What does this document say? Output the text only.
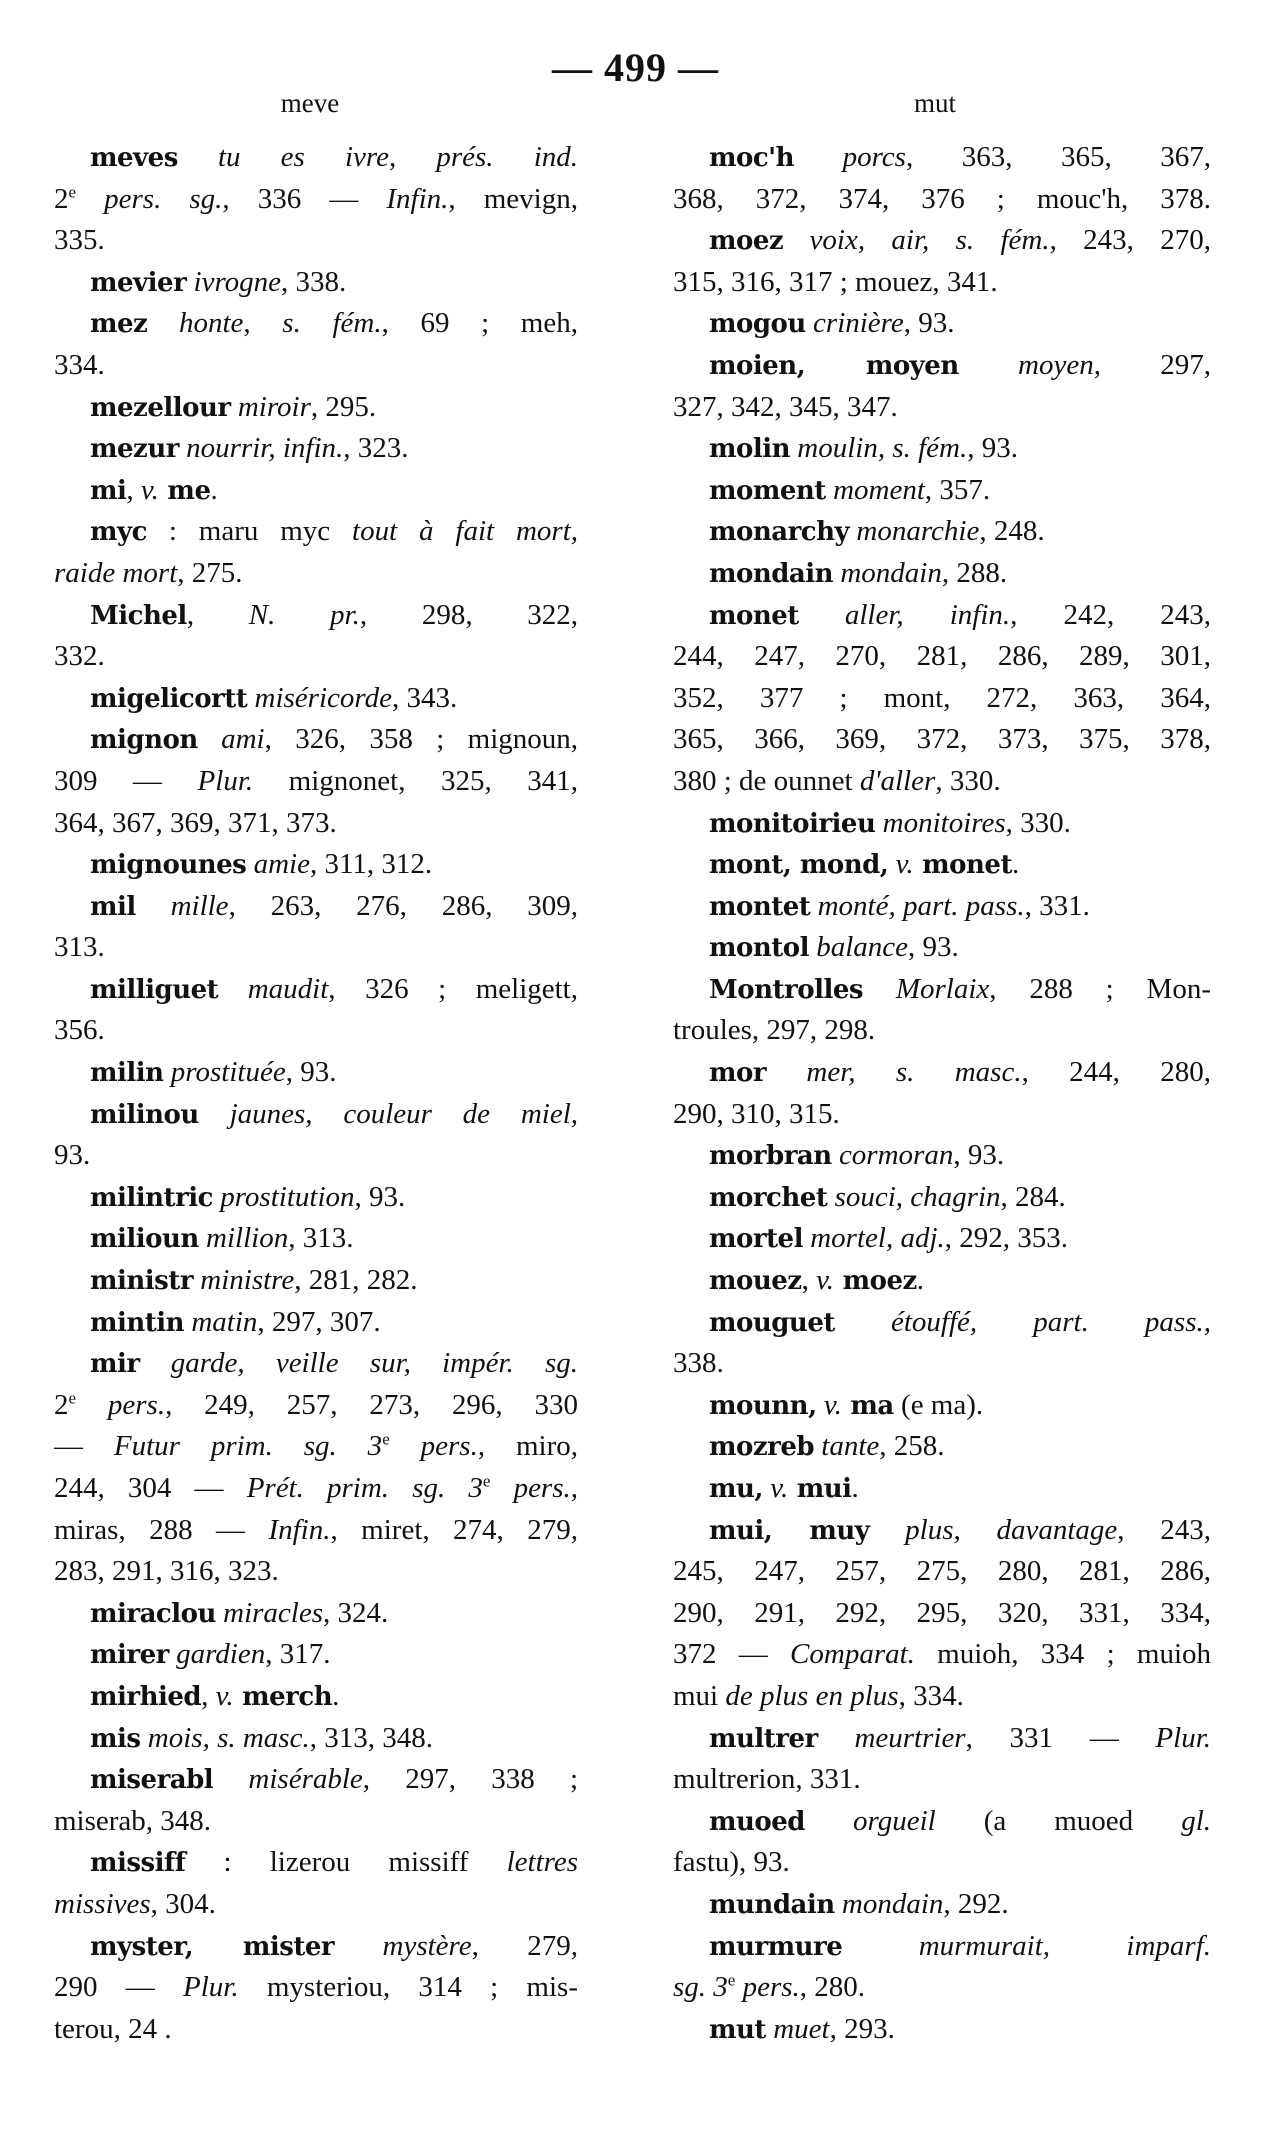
— 499 —
meve	mut
meves tu es ivre, prés. ind.
2e pers. sg., 336 — Infin., mevign,
335.
mevier ivrogne, 338.
mez honte, s. fém., 69 ; meh,
334.
mezellour miroir, 295.
mezur nourrir, infin., 323.
mi, v. me.
myc : maru myc tout à fait mort,
raide mort, 275.
Michel, N. pr., 298, 322,
332.
migelicortt miséricorde, 343.
mignon ami, 326, 358 ; mignoun,
309 — Plur. mignonet, 325, 341,
364, 367, 369, 371, 373.
mignounes amie, 311, 312.
mil mille, 263, 276, 286, 309,
313.
milliguet maudit, 326 ; meligett,
356.
milin prostituée, 93.
milinou jaunes, couleur de miel,
93.
milintric prostitution, 93.
milioun million, 313.
ministr ministre, 281, 282.
mintin matin, 297, 307.
mir garde, veille sur, impér. sg.
2e pers., 249, 257, 273, 296, 330
— Futur prim. sg. 3e pers., miro,
244, 304 — Prét. prim. sg. 3e pers.,
miras, 288 — Infin., miret, 274, 279,
283, 291, 316, 323.
miraclou miracles, 324.
mirer gardien, 317.
mirhied, v. merch.
mis mois, s. masc., 313, 348.
miserabl misérable, 297, 338 ;
miserab, 348.
missiff : lizerou missiff lettres
missives, 304.
myster, mister mystère, 279,
290 — Plur. mysteriou, 314 ; mis-
terou, 24 .
moc'h porcs, 363, 365, 367,
368, 372, 374, 376 ; mouc'h, 378.
moez voix, air, s. fém., 243, 270,
315, 316, 317 ; mouez, 341.
mogou crinière, 93.
moien, moyen moyen, 297,
327, 342, 345, 347.
molin moulin, s. fém., 93.
moment moment, 357.
monarchy monarchie, 248.
mondain mondain, 288.
monet aller, infin., 242, 243,
244, 247, 270, 281, 286, 289, 301,
352, 377 ; mont, 272, 363, 364,
365, 366, 369, 372, 373, 375, 378,
380 ; de ounnet d'aller, 330.
monitoirieu monitoires, 330.
mont, mond, v. monet.
montet monté, part. pass., 331.
montol balance, 93.
Montrolles Morlaix, 288 ; Mon-
troules, 297, 298.
mor mer, s. masc., 244, 280,
290, 310, 315.
morbran cormoran, 93.
morchet souci, chagrin, 284.
mortel mortel, adj., 292, 353.
mouez, v. moez.
mouguet étouffé, part. pass.,
338.
mounn, v. ma (e ma).
mozreb tante, 258.
mu, v. mui.
mui, muy plus, davantage, 243,
245, 247, 257, 275, 280, 281, 286,
290, 291, 292, 295, 320, 331, 334,
372 — Comparat. muioh, 334 ; muioh
mui de plus en plus, 334.
multrer meurtrier, 331 — Plur.
multrerion, 331.
muoed orgueil (a muoed gl.
fastu), 93.
mundain mondain, 292.
murmure	murmurait, imparf.
sg. 3e pers., 280.
mut muet, 293.
